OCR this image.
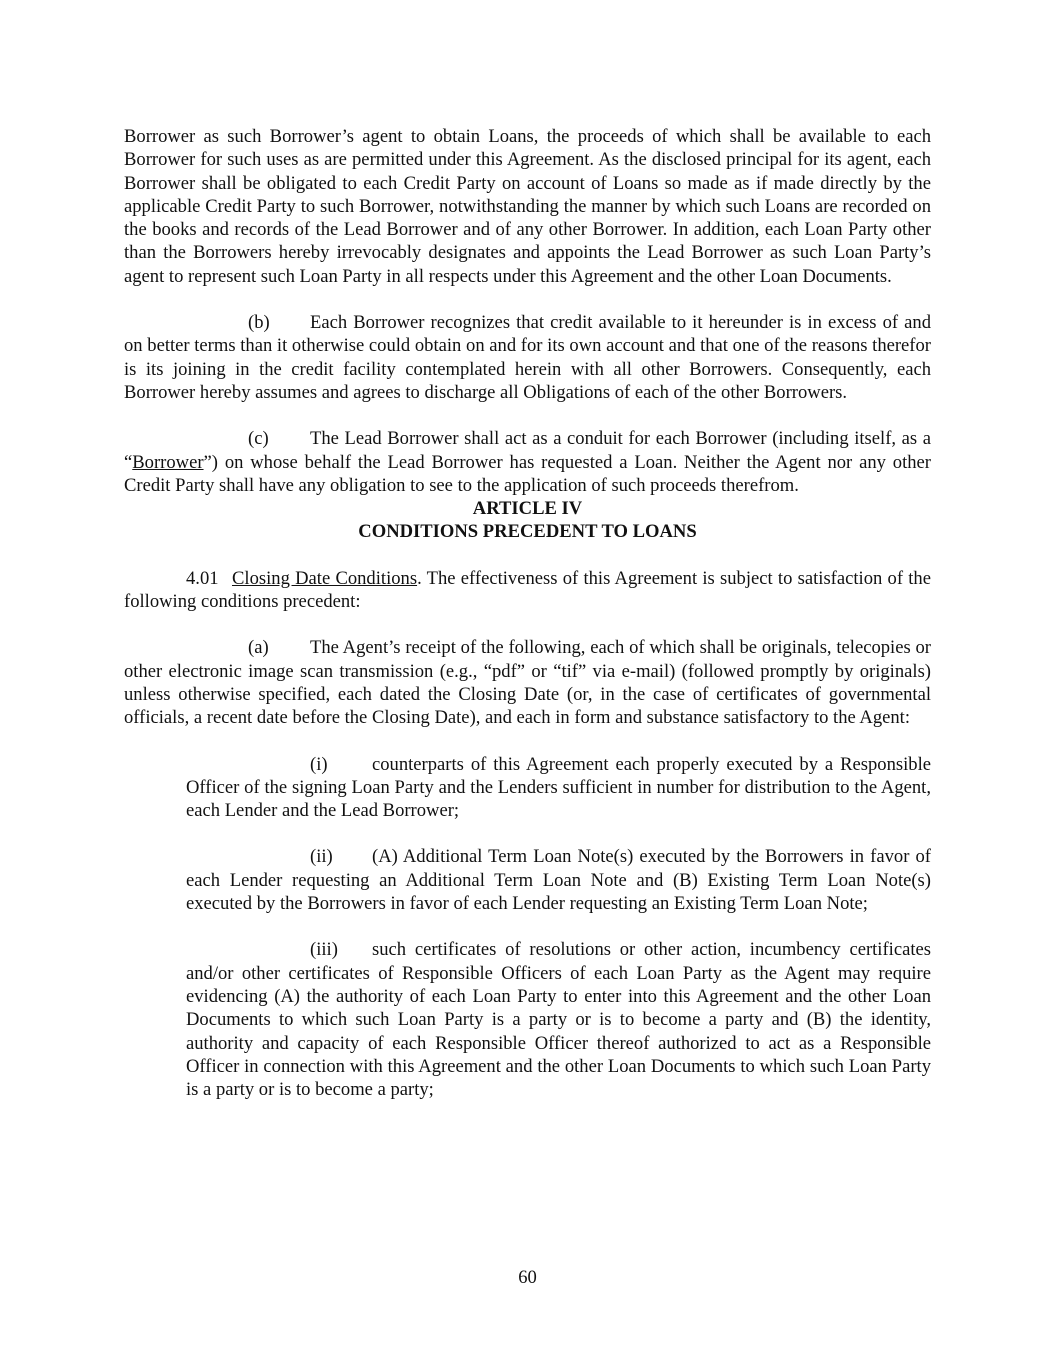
Borrower as such Borrower’s agent to obtain Loans, the proceeds of which shall be available to each Borrower for such uses as are permitted under this Agreement. As the disclosed principal for its agent, each Borrower shall be obligated to each Credit Party on account of Loans so made as if made directly by the applicable Credit Party to such Borrower, notwithstanding the manner by which such Loans are recorded on the books and records of the Lead Borrower and of any other Borrower. In addition, each Loan Party other than the Borrowers hereby irrevocably designates and appoints the Lead Borrower as such Loan Party’s agent to represent such Loan Party in all respects under this Agreement and the other Loan Documents.

(b) Each Borrower recognizes that credit available to it hereunder is in excess of and on better terms than it otherwise could obtain on and for its own account and that one of the reasons therefor is its joining in the credit facility contemplated herein with all other Borrowers. Consequently, each Borrower hereby assumes and agrees to discharge all Obligations of each of the other Borrowers.

(c) The Lead Borrower shall act as a conduit for each Borrower (including itself, as a “Borrower”) on whose behalf the Lead Borrower has requested a Loan. Neither the Agent nor any other Credit Party shall have any obligation to see to the application of such proceeds therefrom.

ARTICLE IV

CONDITIONS PRECEDENT TO LOANS

4.01 Closing Date Conditions. The effectiveness of this Agreement is subject to satisfaction of the following conditions precedent:

(a) The Agent’s receipt of the following, each of which shall be originals, telecopies or other electronic image scan transmission (e.g., “pdf” or “tif” via e-mail) (followed promptly by originals) unless otherwise specified, each dated the Closing Date (or, in the case of certificates of governmental officials, a recent date before the Closing Date), and each in form and substance satisfactory to the Agent:

(i) counterparts of this Agreement each properly executed by a Responsible Officer of the signing Loan Party and the Lenders sufficient in number for distribution to the Agent, each Lender and the Lead Borrower;

(ii) (A) Additional Term Loan Note(s) executed by the Borrowers in favor of each Lender requesting an Additional Term Loan Note and (B) Existing Term Loan Note(s) executed by the Borrowers in favor of each Lender requesting an Existing Term Loan Note;

(iii) such certificates of resolutions or other action, incumbency certificates and/or other certificates of Responsible Officers of each Loan Party as the Agent may require evidencing (A) the authority of each Loan Party to enter into this Agreement and the other Loan Documents to which such Loan Party is a party or is to become a party and (B) the identity, authority and capacity of each Responsible Officer thereof authorized to act as a Responsible Officer in connection with this Agreement and the other Loan Documents to which such Loan Party is a party or is to become a party;

60
